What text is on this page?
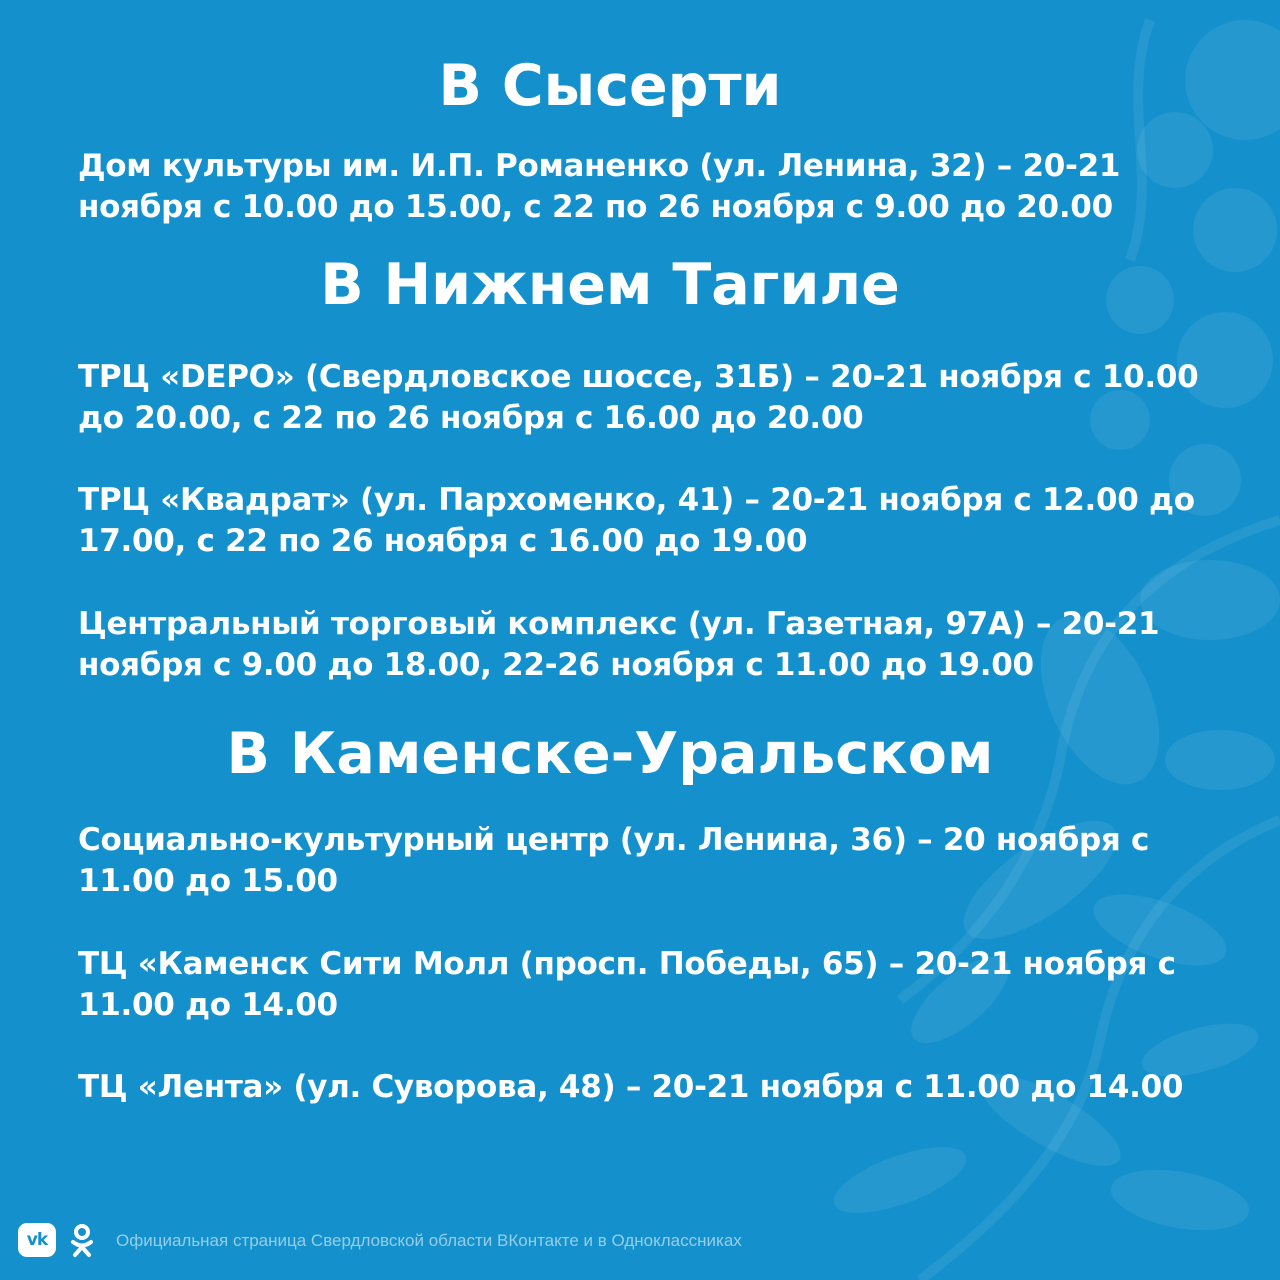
В Сысерти
Дом культуры им. И.П. Романенко (ул. Ленина, 32) – 20-21 ноября с 10.00 до 15.00, с 22 по 26 ноября с 9.00 до 20.00
В Нижнем Тагиле
ТРЦ «DEPO» (Свердловское шоссе, 31Б) – 20-21 ноября с 10.00 до 20.00, с 22 по 26 ноября с 16.00 до 20.00
ТРЦ «Квадрат» (ул. Пархоменко, 41) – 20-21 ноября с 12.00 до 17.00, с 22 по 26 ноября с 16.00 до 19.00
Центральный торговый комплекс (ул. Газетная, 97А) – 20-21 ноября с 9.00 до 18.00, 22-26 ноября с 11.00 до 19.00
В Каменске-Уральском
Социально-культурный центр (ул. Ленина, 36) – 20 ноября с 11.00 до 15.00
ТЦ «Каменск Сити Молл (просп. Победы, 65) – 20-21 ноября с 11.00 до 14.00
ТЦ «Лента» (ул. Суворова, 48) – 20-21 ноября с 11.00 до 14.00
vk	Официальная страница Свердловской области ВКонтакте и в Одноклассниках
